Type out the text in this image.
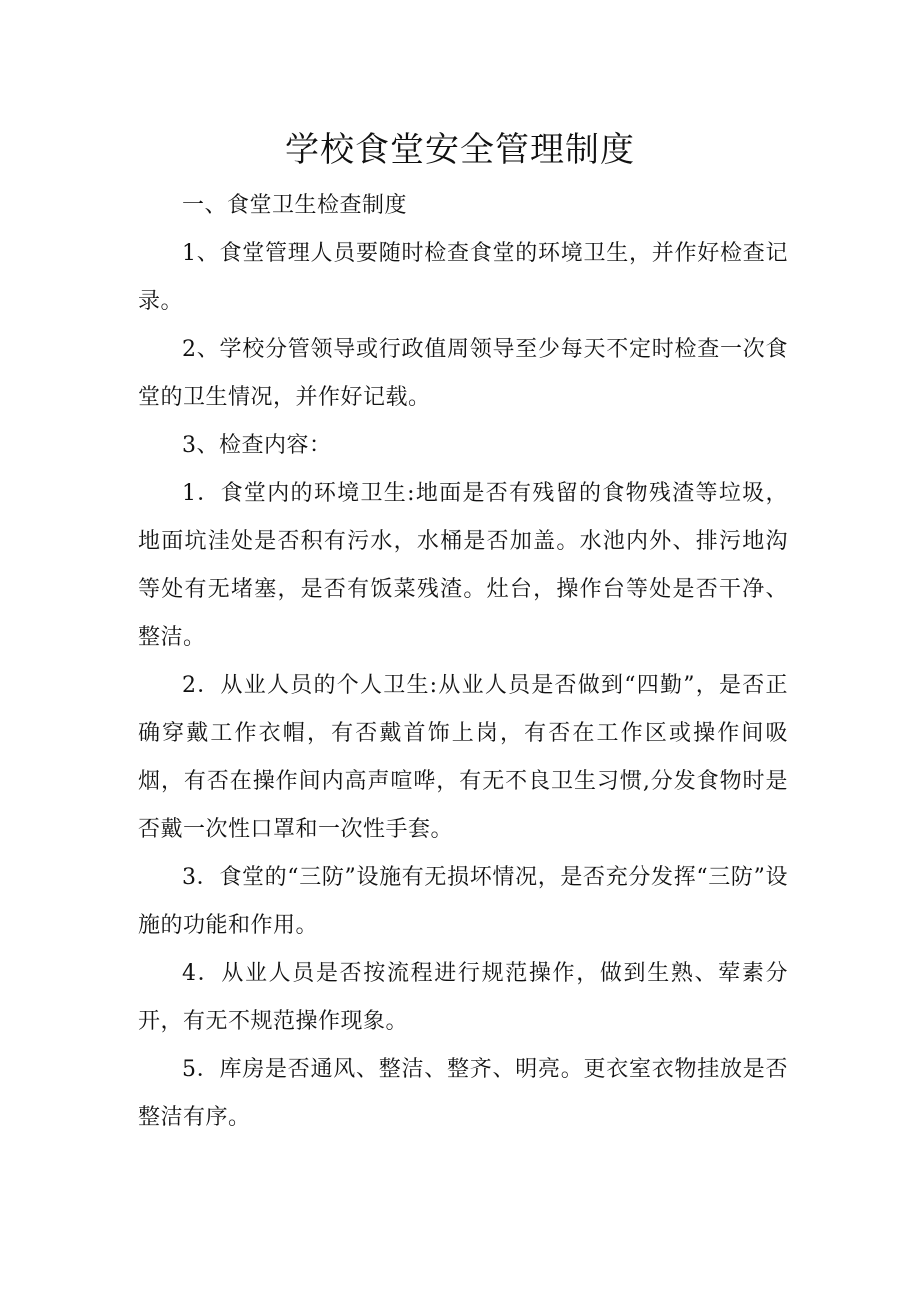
学校食堂安全管理制度

一、食堂卫生检查制度

1、食堂管理人员要随时检查食堂的环境卫生，并作好检查记录。

2、学校分管领导或行政值周领导至少每天不定时检查一次食堂的卫生情况，并作好记载。

3、检查内容：

1．食堂内的环境卫生:地面是否有残留的食物残渣等垃圾，地面坑洼处是否积有污水，水桶是否加盖。水池内外、排污地沟等处有无堵塞，是否有饭菜残渣。灶台，操作台等处是否干净、整洁。

2．从业人员的个人卫生:从业人员是否做到“四勤”，是否正确穿戴工作衣帽，有否戴首饰上岗，有否在工作区或操作间吸烟，有否在操作间内高声喧哗，有无不良卫生习惯,分发食物时是否戴一次性口罩和一次性手套。

3．食堂的“三防”设施有无损坏情况，是否充分发挥“三防”设施的功能和作用。

4．从业人员是否按流程进行规范操作，做到生熟、荤素分开，有无不规范操作现象。

5．库房是否通风、整洁、整齐、明亮。更衣室衣物挂放是否整洁有序。
